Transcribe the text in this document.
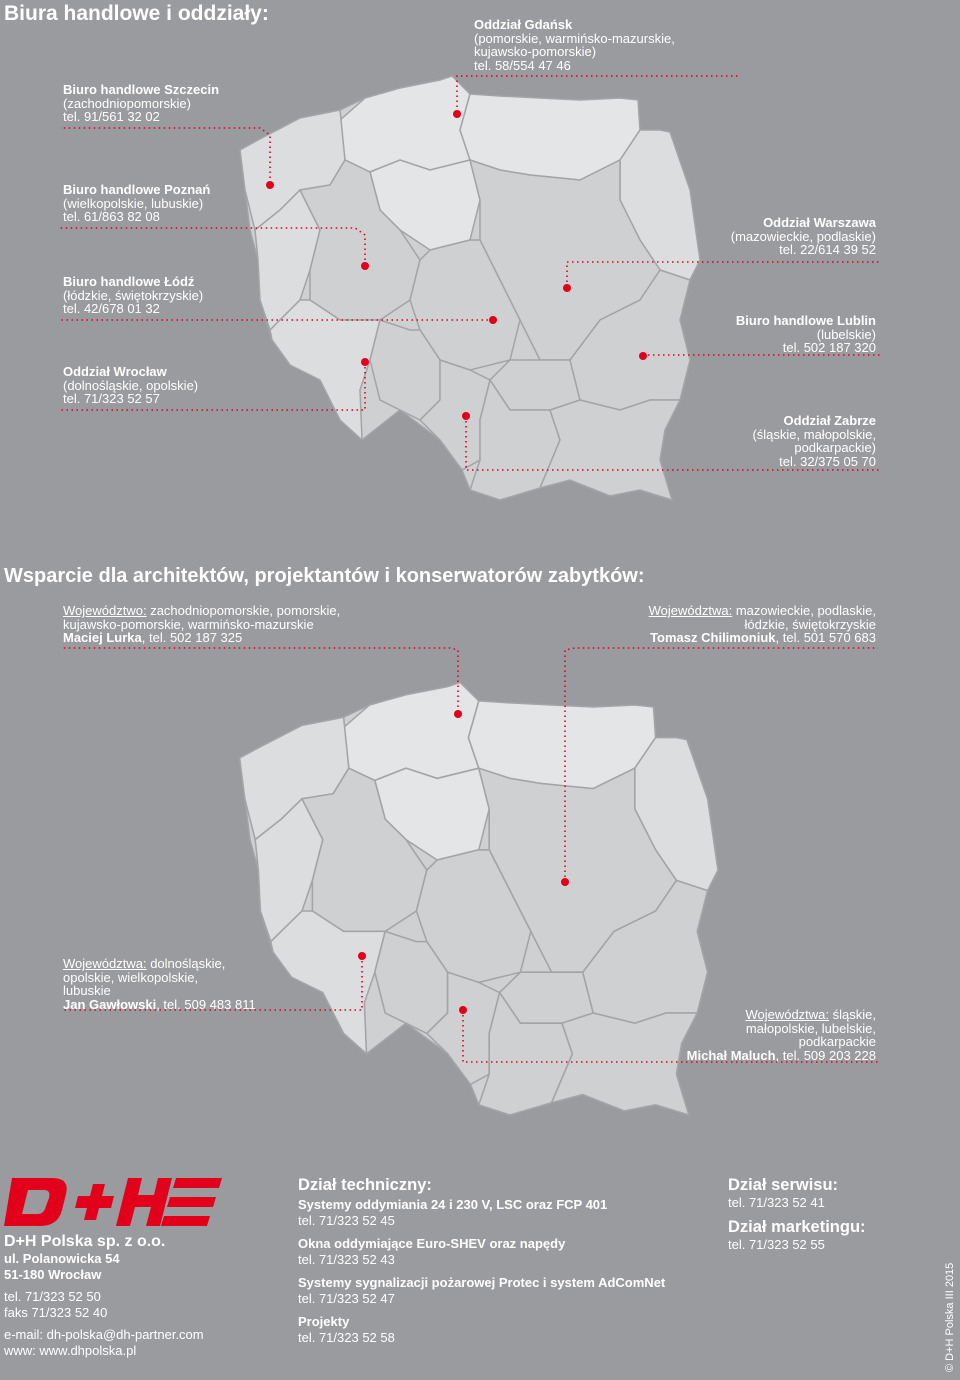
Biura handlowe i oddziały:	Oddział Gdańsk
(pomorskie, warmińsko-mazurskie,
kujawsko-pomorskie)
tel. 58/554 47 46
Biuro handlowe Szczecin
(zachodniopomorskie)
tel. 91/561 32 02
Biuro handlowe Poznań
(wielkopolskie, lubuskie)
tel. 61/863 82 08
Biuro handlowe Łódź
(łódzkie, świętokrzyskie)
tel. 42/678 01 32
Oddział Wrocław
(dolnośląskie, opolskie)
tel. 71/323 52 57
Oddział Warszawa
(mazowieckie, podlaskie)
tel. 22/614 39 52
Biuro handlowe Lublin
(lubelskie)
tel. 502 187 320
Oddział Zabrze
(śląskie, małopolskie,
podkarpackie)
tel. 32/375 05 70
Wsparcie dla architektów, projektantów i konserwatorów zabytków:
Województwo: zachodniopomorskie, pomorskie,
kujawsko-pomorskie, warmińsko-mazurskie
Maciej Lurka, tel. 502 187 325
Województwa: mazowieckie, podlaskie,
łódzkie, świętokrzyskie
Tomasz Chilimoniuk, tel. 501 570 683
Województwa: dolnośląskie,
opolskie, wielkopolskie,
lubuskie
Jan Gawłowski, tel. 509 483 811
Województwa: śląskie,
małopolskie, lubelskie,
podkarpackie
Michał Maluch, tel. 509 203 228
D+H Polska sp. z o.o.
ul. Polanowicka 54
51-180 Wrocław
tel. 71/323 52 50
faks 71/323 52 40
e-mail: dh-polska@dh-partner.com
www: www.dhpolska.pl
Dział techniczny:
Systemy oddymiania 24 i 230 V, LSC oraz FCP 401
tel. 71/323 52 45
Okna oddymiające Euro-SHEV oraz napędy
tel. 71/323 52 43
Systemy sygnalizacji pożarowej Protec i system AdComNet
tel. 71/323 52 47
Projekty
tel. 71/323 52 58
Dział serwisu:
tel. 71/323 52 41
Dział marketingu:
tel. 71/323 52 55
© D+H Polska III 2015
